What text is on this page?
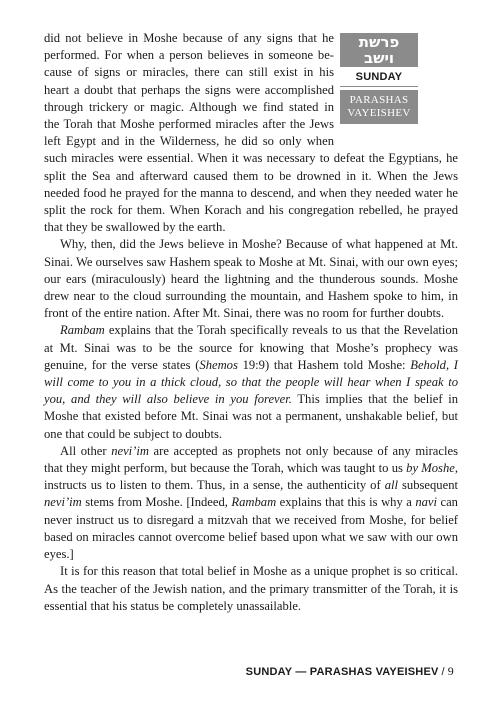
פרשת
וישב
SUNDAY
PARASHAS
VAYEISHEV
did not believe in Moshe because of any signs that he
performed. For when a person believes in someone be-
cause of signs or miracles, there can still exist in his
heart a doubt that perhaps the signs were accomplished
through trickery or magic. Although we find stated in
the Torah that Moshe performed miracles after the Jews
left Egypt and in the Wilderness, he did so only when

such miracles were essential. When it was necessary to defeat the Egyptians, he split the Sea and afterward caused them to be drowned in it. When the Jews needed food he prayed for the manna to descend, and when they needed water he split the rock for them. When Korach and his congregation rebelled, he prayed that they be swallowed by the earth.

Why, then, did the Jews believe in Moshe? Because of what happened at Mt. Sinai. We ourselves saw Hashem speak to Moshe at Mt. Sinai, with our own eyes; our ears (miraculously) heard the lightning and the thunderous sounds. Moshe drew near to the cloud surrounding the mountain, and Hashem spoke to him, in front of the entire nation. After Mt. Sinai, there was no room for further doubts.

Rambam explains that the Torah specifically reveals to us that the Revelation at Mt. Sinai was to be the source for knowing that Moshe’s prophecy was genuine, for the verse states (Shemos 19:9) that Hashem told Moshe: Behold, I will come to you in a thick cloud, so that the people will hear when I speak to you, and they will also believe in you forever. This implies that the belief in Moshe that existed before Mt. Sinai was not a permanent, unshakable belief, but one that could be subject to doubts.

All other nevi’im are accepted as prophets not only because of any miracles that they might perform, but because the Torah, which was taught to us by Moshe, instructs us to listen to them. Thus, in a sense, the authenticity of all subsequent nevi’im stems from Moshe. [Indeed, Rambam explains that this is why a navi can never instruct us to disregard a mitzvah that we received from Moshe, for belief based on miracles cannot overcome belief based upon what we saw with our own eyes.]

It is for this reason that total belief in Moshe as a unique prophet is so critical. As the teacher of the Jewish nation, and the primary transmitter of the Torah, it is essential that his status be completely unassailable.

SUNDAY — PARASHAS VAYEISHEV / 9
